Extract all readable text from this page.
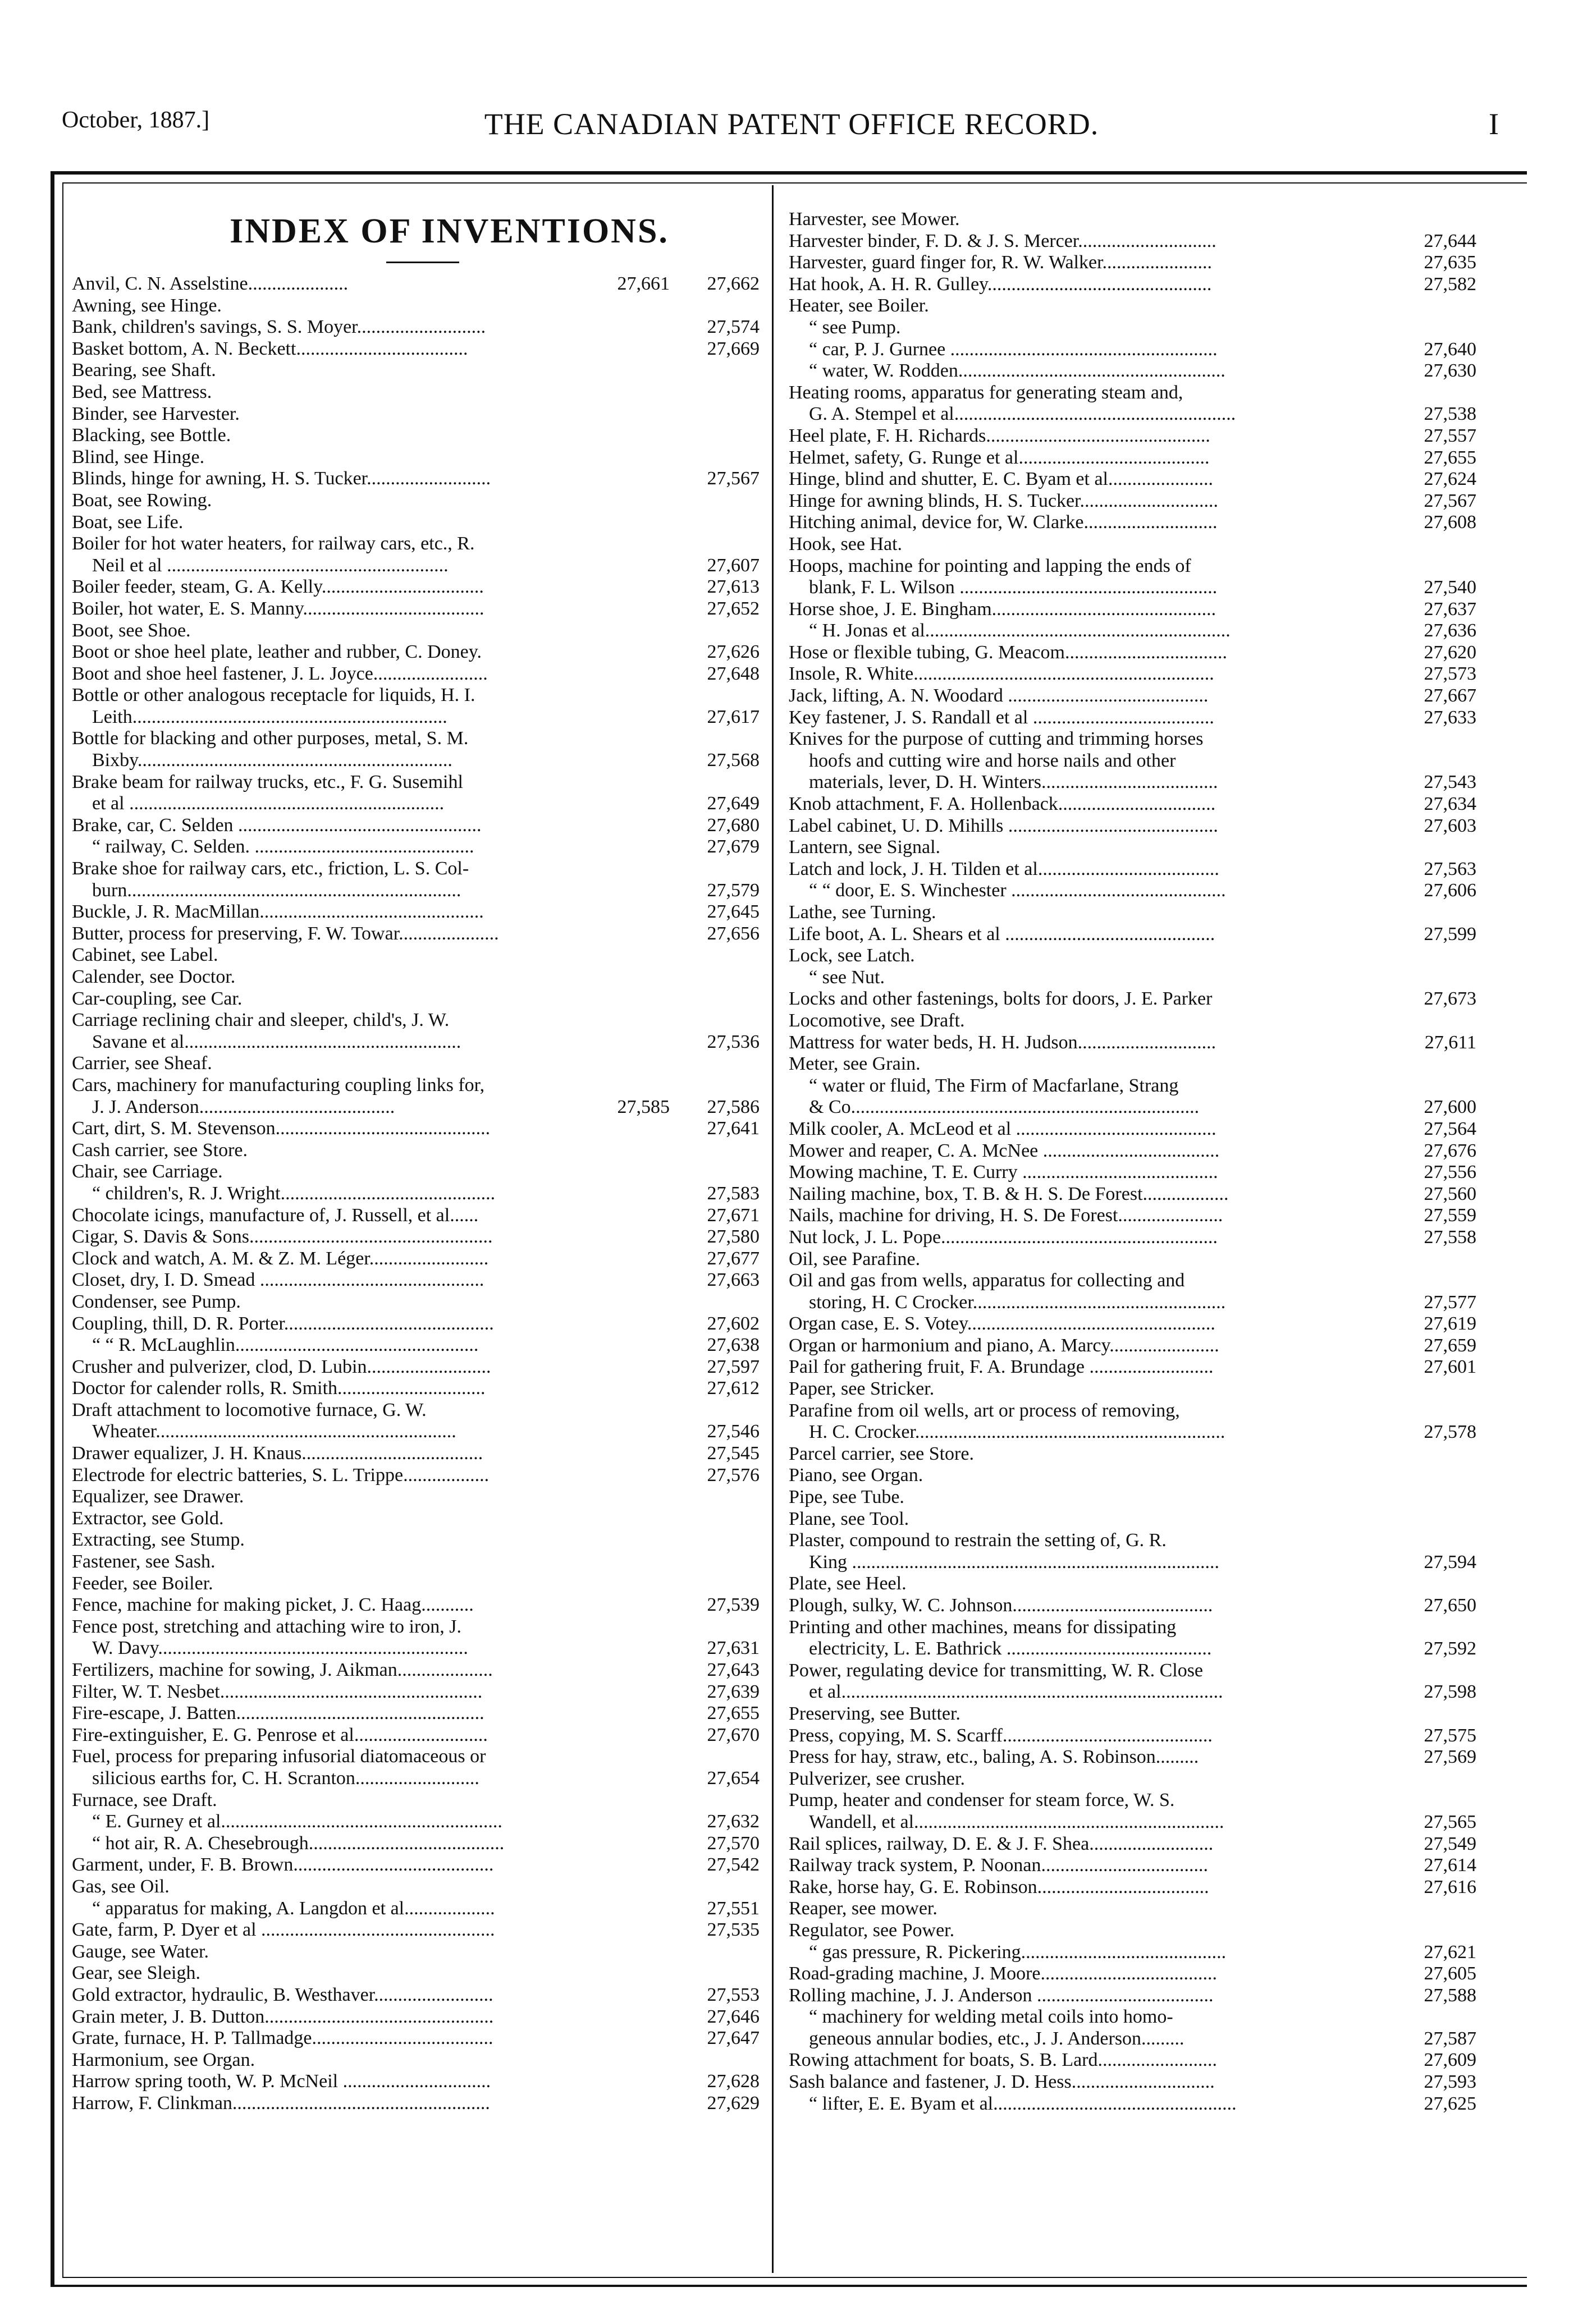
October, 1887.]	THE CANADIAN PATENT OFFICE RECORD.	I
INDEX OF INVENTIONS.
Anvil, C. N. Asselstine.....................	27,661 27,662
Awning, see Hinge.
Bank, children's savings, S. S. Moyer...........................	27,574
Basket bottom, A. N. Beckett....................................	27,669
Bearing, see Shaft.
Bed, see Mattress.
Binder, see Harvester.
Blacking, see Bottle.
Blind, see Hinge.
Blinds, hinge for awning, H. S. Tucker..........................	27,567
Boat, see Rowing.
Boat, see Life.
Boiler for hot water heaters, for railway cars, etc., R.
Neil et al ...........................................................	27,607
Boiler feeder, steam, G. A. Kelly..................................	27,613
Boiler, hot water, E. S. Manny......................................	27,652
Boot, see Shoe.
Boot or shoe heel plate, leather and rubber, C. Doney.	27,626
Boot and shoe heel fastener, J. L. Joyce........................	27,648
Bottle or other analogous receptacle for liquids, H. I.
Leith..................................................................	27,617
Bottle for blacking and other purposes, metal, S. M.
Bixby..................................................................	27,568
Brake beam for railway trucks, etc., F. G. Susemihl
et al ..................................................................	27,649
Brake, car, C. Selden ...................................................	27,680
“ railway, C. Selden. ..............................................	27,679
Brake shoe for railway cars, etc., friction, L. S. Col-
burn......................................................................	27,579
Buckle, J. R. MacMillan...............................................	27,645
Butter, process for preserving, F. W. Towar.....................	27,656
Cabinet, see Label.
Calender, see Doctor.
Car-coupling, see Car.
Carriage reclining chair and sleeper, child's, J. W.
Savane et al..........................................................	27,536
Carrier, see Sheaf.
Cars, machinery for manufacturing coupling links for,
J. J. Anderson.........................................	27,585 27,586
Cart, dirt, S. M. Stevenson.............................................	27,641
Cash carrier, see Store.
Chair, see Carriage.
“ children's, R. J. Wright.............................................	27,583
Chocolate icings, manufacture of, J. Russell, et al......	27,671
Cigar, S. Davis & Sons...................................................	27,580
Clock and watch, A. M. & Z. M. Léger.........................	27,677
Closet, dry, I. D. Smead ...............................................	27,663
Condenser, see Pump.
Coupling, thill, D. R. Porter............................................	27,602
“ “ R. McLaughlin...................................................	27,638
Crusher and pulverizer, clod, D. Lubin..........................	27,597
Doctor for calender rolls, R. Smith...............................	27,612
Draft attachment to locomotive furnace, G. W.
Wheater...............................................................	27,546
Drawer equalizer, J. H. Knaus......................................	27,545
Electrode for electric batteries, S. L. Trippe..................	27,576
Equalizer, see Drawer.
Extractor, see Gold.
Extracting, see Stump.
Fastener, see Sash.
Feeder, see Boiler.
Fence, machine for making picket, J. C. Haag...........	27,539
Fence post, stretching and attaching wire to iron, J.
W. Davy.................................................................	27,631
Fertilizers, machine for sowing, J. Aikman....................	27,643
Filter, W. T. Nesbet.......................................................	27,639
Fire-escape, J. Batten....................................................	27,655
Fire-extinguisher, E. G. Penrose et al............................	27,670
Fuel, process for preparing infusorial diatomaceous or
silicious earths for, C. H. Scranton..........................	27,654
Furnace, see Draft.
“ E. Gurney et al...........................................................	27,632
“ hot air, R. A. Chesebrough.........................................	27,570
Garment, under, F. B. Brown..........................................	27,542
Gas, see Oil.
“ apparatus for making, A. Langdon et al...................	27,551
Gate, farm, P. Dyer et al .................................................	27,535
Gauge, see Water.
Gear, see Sleigh.
Gold extractor, hydraulic, B. Westhaver.........................	27,553
Grain meter, J. B. Dutton................................................	27,646
Grate, furnace, H. P. Tallmadge......................................	27,647
Harmonium, see Organ.
Harrow spring tooth, W. P. McNeil ...............................	27,628
Harrow, F. Clinkman......................................................	27,629
Harvester, see Mower.
Harvester binder, F. D. & J. S. Mercer.............................	27,644
Harvester, guard finger for, R. W. Walker.......................	27,635
Hat hook, A. H. R. Gulley...............................................	27,582
Heater, see Boiler.
“ see Pump.
“ car, P. J. Gurnee ........................................................	27,640
“ water, W. Rodden........................................................	27,630
Heating rooms, apparatus for generating steam and,
G. A. Stempel et al...........................................................	27,538
Heel plate, F. H. Richards...............................................	27,557
Helmet, safety, G. Runge et al........................................	27,655
Hinge, blind and shutter, E. C. Byam et al......................	27,624
Hinge for awning blinds, H. S. Tucker.............................	27,567
Hitching animal, device for, W. Clarke............................	27,608
Hook, see Hat.
Hoops, machine for pointing and lapping the ends of
blank, F. L. Wilson ......................................................	27,540
Horse shoe, J. E. Bingham...............................................	27,637
“ H. Jonas et al................................................................	27,636
Hose or flexible tubing, G. Meacom..................................	27,620
Insole, R. White...............................................................	27,573
Jack, lifting, A. N. Woodard ..........................................	27,667
Key fastener, J. S. Randall et al ......................................	27,633
Knives for the purpose of cutting and trimming horses
hoofs and cutting wire and horse nails and other
materials, lever, D. H. Winters.....................................	27,543
Knob attachment, F. A. Hollenback.................................	27,634
Label cabinet, U. D. Mihills ............................................	27,603
Lantern, see Signal.
Latch and lock, J. H. Tilden et al......................................	27,563
“ “ door, E. S. Winchester .............................................	27,606
Lathe, see Turning.
Life boot, A. L. Shears et al ............................................	27,599
Lock, see Latch.
“ see Nut.
Locks and other fastenings, bolts for doors, J. E. Parker	27,673
Locomotive, see Draft.
Mattress for water beds, H. H. Judson.............................	27,611
Meter, see Grain.
“ water or fluid, The Firm of Macfarlane, Strang
& Co.........................................................................	27,600
Milk cooler, A. McLeod et al ..........................................	27,564
Mower and reaper, C. A. McNee .....................................	27,676
Mowing machine, T. E. Curry .........................................	27,556
Nailing machine, box, T. B. & H. S. De Forest..................	27,560
Nails, machine for driving, H. S. De Forest......................	27,559
Nut lock, J. L. Pope..........................................................	27,558
Oil, see Parafine.
Oil and gas from wells, apparatus for collecting and
storing, H. C Crocker.....................................................	27,577
Organ case, E. S. Votey....................................................	27,619
Organ or harmonium and piano, A. Marcy.......................	27,659
Pail for gathering fruit, F. A. Brundage ..........................	27,601
Paper, see Stricker.
Parafine from oil wells, art or process of removing,
H. C. Crocker.................................................................	27,578
Parcel carrier, see Store.
Piano, see Organ.
Pipe, see Tube.
Plane, see Tool.
Plaster, compound to restrain the setting of, G. R.
King .............................................................................	27,594
Plate, see Heel.
Plough, sulky, W. C. Johnson..........................................	27,650
Printing and other machines, means for dissipating
electricity, L. E. Bathrick ...........................................	27,592
Power, regulating device for transmitting, W. R. Close
et al................................................................................	27,598
Preserving, see Butter.
Press, copying, M. S. Scarff............................................	27,575
Press for hay, straw, etc., baling, A. S. Robinson.........	27,569
Pulverizer, see crusher.
Pump, heater and condenser for steam force, W. S.
Wandell, et al.................................................................	27,565
Rail splices, railway, D. E. & J. F. Shea..........................	27,549
Railway track system, P. Noonan...................................	27,614
Rake, horse hay, G. E. Robinson....................................	27,616
Reaper, see mower.
Regulator, see Power.
“ gas pressure, R. Pickering...........................................	27,621
Road-grading machine, J. Moore.....................................	27,605
Rolling machine, J. J. Anderson .....................................	27,588
“ machinery for welding metal coils into homo-
geneous annular bodies, etc., J. J. Anderson.........	27,587
Rowing attachment for boats, S. B. Lard.........................	27,609
Sash balance and fastener, J. D. Hess..............................	27,593
“ lifter, E. E. Byam et al...................................................	27,625
